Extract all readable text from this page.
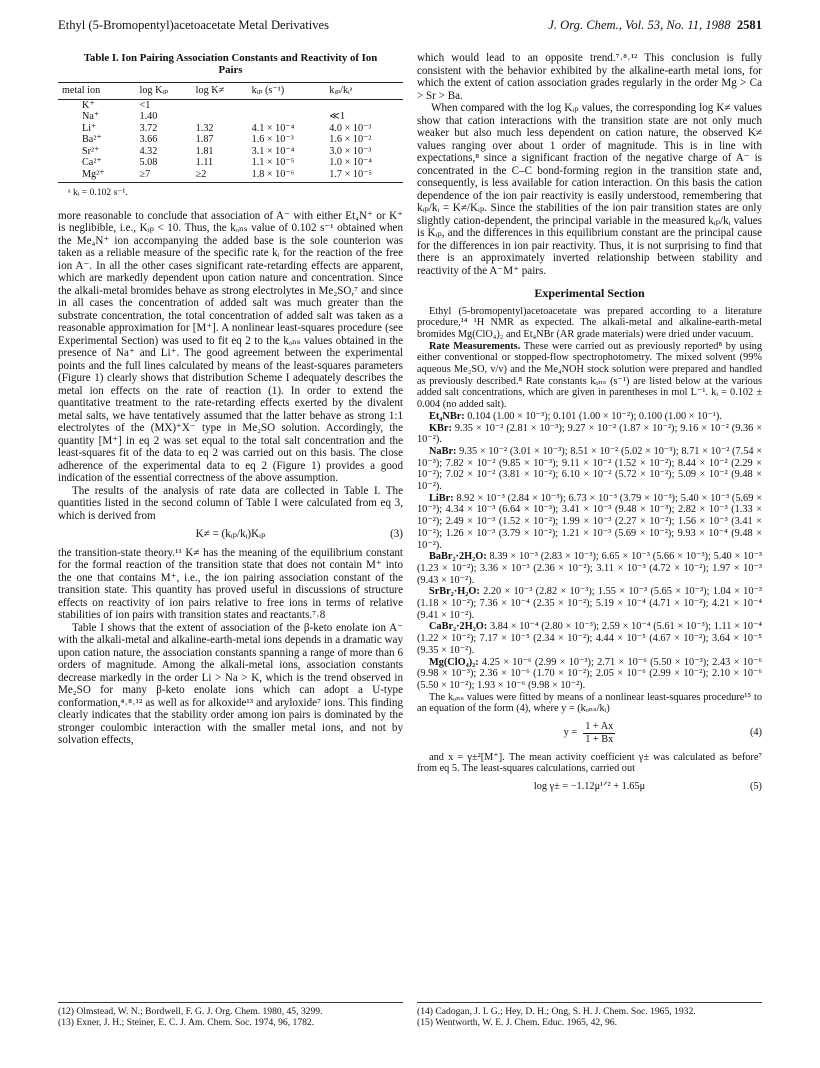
Ethyl (5-Bromopentyl)acetoacetate Metal Derivatives	J. Org. Chem., Vol. 53, No. 11, 1988 2581
Table I. Ion Pairing Association Constants and Reactivity of Ion Pairs
metal ion	log Kᵢₚ	log K≠	kᵢₚ (s⁻¹)	kᵢₚ/kᵢᵃ
K⁺	<1			
Na⁺	1.40			≪1
Li⁺	3.72	1.32	4.1 × 10⁻⁴	4.0 × 10⁻³
Ba²⁺	3.66	1.87	1.6 × 10⁻³	1.6 × 10⁻²
Sr²⁺	4.32	1.81	3.1 × 10⁻⁴	3.0 × 10⁻³
Ca²⁺	5.08	1.11	1.1 × 10⁻⁵	1.0 × 10⁻⁴
Mg²⁺	≥7	≥2	1.8 × 10⁻⁶	1.7 × 10⁻⁵
ᵃ kᵢ = 0.102 s⁻¹.

more reasonable to conclude that association of A⁻ with either Et₄N⁺ or K⁺ is neglibible, i.e., Kᵢₚ < 10. Thus, the kₒₙₛ value of 0.102 s⁻¹ obtained when the Me₄N⁺ ion accompanying the added base is the sole counterion was taken as a reliable measure of the specific rate kᵢ for the reaction of the free ion A⁻. In all the other cases significant rate-retarding effects are apparent, which are markedly dependent upon cation nature and concentration. Since the alkali-metal bromides behave as strong electrolytes in Me₂SO,⁷ and since in all cases the concentration of added salt was much greater than the substrate concentration, the total concentration of added salt was taken as a reasonable approximation for [M⁺]. A nonlinear least-squares procedure (see Experimental Section) was used to fit eq 2 to the kₒₙₛ values obtained in the presence of Na⁺ and Li⁺. The good agreement between the experimental points and the full lines calculated by means of the least-squares parameters (Figure 1) clearly shows that distribution Scheme I adequately describes the metal ion effects on the rate of reaction (1). In order to extend the quantitative treatment to the rate-retarding effects exerted by the divalent metal salts, we have tentatively assumed that the latter behave as strong 1:1 electrolytes of the (MX)⁺X⁻ type in Me₂SO solution. Accordingly, the quantity [M⁺] in eq 2 was set equal to the total salt concentration and the least-squares fit of the data to eq 2 was carried out on this basis. The close adherence of the experimental data to eq 2 (Figure 1) provides a good indication of the essential correctness of the above assumption.

The results of the analysis of rate data are collected in Table I. The quantities listed in the second column of Table I were calculated from eq 3, which is derived from

K≠ = (kᵢₚ/kᵢ)Kᵢₚ	(3)

the transition-state theory.¹¹ K≠ has the meaning of the equilibrium constant for the formal reaction of the transition state that does not contain M⁺ into the one that contains M⁺, i.e., the ion pairing association constant of the transition state. This quantity has proved useful in discussions of structure effects on reactivity of ion pairs relative to free ions in terms of relative stabilities of ion pairs with transition states and reactants.⁷˒8

Table I shows that the extent of association of the β-keto enolate ion A⁻ with the alkali-metal and alkaline-earth-metal ions depends in a dramatic way upon cation nature, the association constants spanning a range of more than 6 orders of magnitude. Among the alkali-metal ions, association constants decrease markedly in the order Li > Na > K, which is the trend observed in Me₂SO for many β-keto enolate ions which can adopt a U-type conformation,⁴˒⁸˒¹² as well as for alkoxide¹³ and aryloxide⁷ ions. This finding clearly indicates that the stability order among ion pairs is dominated by the stronger coulombic interaction with the smaller metal ions, and not by solvation effects,

which would lead to an opposite trend.⁷˒⁸˒¹² This conclusion is fully consistent with the behavior exhibited by the alkaline-earth metal ions, for which the extent of cation association grades regularly in the order Mg > Ca > Sr > Ba.

When compared with the log Kᵢₚ values, the corresponding log K≠ values show that cation interactions with the transition state are not only much weaker but also much less dependent on cation nature, the observed K≠ values ranging over about 1 order of magnitude. This is in line with expectations,⁸ since a significant fraction of the negative charge of A⁻ is concentrated in the C–C bond-forming region in the transition state and, consequently, is less available for cation interaction. On this basis the cation dependence of the ion pair reactivity is easily understood, remembering that kᵢₚ/kᵢ = K≠/Kᵢₚ. Since the stabilities of the ion pair transition states are only slightly cation-dependent, the principal variable in the measured kᵢₚ/kᵢ values is Kᵢₚ, and the differences in this equilibrium constant are the principal cause for the differences in ion pair reactivity. Thus, it is not surprising to find that there is an approximately inverted relationship between stability and reactivity of the A⁻M⁺ pairs.

Experimental Section

Ethyl (5-bromopentyl)acetoacetate was prepared according to a literature procedure,¹⁴ ¹H NMR as expected. The alkali-metal and alkaline-earth-metal bromides Mg(ClO₄)₂ and Et₄NBr (AR grade materials) were dried under vacuum.

Rate Measurements. These were carried out as previously reported⁸ by using either conventional or stopped-flow spectrophotometry. The mixed solvent (99% aqueous Me₂SO, v/v) and the Me₄NOH stock solution were prepared and handled as previously described.⁸ Rate constants kₒₙₛ (s⁻¹) are listed below at the various added salt concentrations, which are given in parentheses in mol L⁻¹. kᵢ = 0.102 ± 0.004 (no added salt).

Et₄NBr: 0.104 (1.00 × 10⁻³); 0.101 (1.00 × 10⁻²); 0.100 (1.00 × 10⁻¹).

KBr: 9.35 × 10⁻² (2.81 × 10⁻³); 9.27 × 10⁻² (1.87 × 10⁻²); 9.16 × 10⁻² (9.36 × 10⁻²).

NaBr: 9.35 × 10⁻² (3.01 × 10⁻³); 8.51 × 10⁻² (5.02 × 10⁻³); 8.71 × 10⁻² (7.54 × 10⁻³); 7.82 × 10⁻² (9.85 × 10⁻³); 9.11 × 10⁻² (1.52 × 10⁻²); 8.44 × 10⁻² (2.29 × 10⁻²); 7.02 × 10⁻² (3.81 × 10⁻²); 6.10 × 10⁻² (5.72 × 10⁻²); 5.09 × 10⁻² (9.48 × 10⁻²).

LiBr: 8.92 × 10⁻³ (2.84 × 10⁻³); 6.73 × 10⁻³ (3.79 × 10⁻³); 5.40 × 10⁻³ (5.69 × 10⁻³); 4.34 × 10⁻³ (6.64 × 10⁻³); 3.41 × 10⁻³ (9.48 × 10⁻³); 2.82 × 10⁻³ (1.33 × 10⁻²); 2.49 × 10⁻³ (1.52 × 10⁻²); 1.99 × 10⁻³ (2.27 × 10⁻²); 1.56 × 10⁻³ (3.41 × 10⁻²); 1.26 × 10⁻³ (3.79 × 10⁻²); 1.21 × 10⁻³ (5.69 × 10⁻²); 9.93 × 10⁻⁴ (9.48 × 10⁻²).

BaBr₂·2H₂O: 8.39 × 10⁻³ (2.83 × 10⁻³); 6.65 × 10⁻³ (5.66 × 10⁻³); 5.40 × 10⁻³ (1.23 × 10⁻²); 3.36 × 10⁻³ (2.36 × 10⁻²); 3.11 × 10⁻³ (4.72 × 10⁻²); 1.97 × 10⁻³ (9.43 × 10⁻²).

SrBr₂·H₂O: 2.20 × 10⁻³ (2.82 × 10⁻³); 1.55 × 10⁻³ (5.65 × 10⁻³); 1.04 × 10⁻³ (1.18 × 10⁻²); 7.36 × 10⁻⁴ (2.35 × 10⁻²); 5.19 × 10⁻⁴ (4.71 × 10⁻²); 4.21 × 10⁻⁴ (9.41 × 10⁻²).

CaBr₂·2H₂O: 3.84 × 10⁻⁴ (2.80 × 10⁻³); 2.59 × 10⁻⁴ (5.61 × 10⁻³); 1.11 × 10⁻⁴ (1.22 × 10⁻²); 7.17 × 10⁻⁵ (2.34 × 10⁻²); 4.44 × 10⁻⁵ (4.67 × 10⁻²); 3.64 × 10⁻⁵ (9.35 × 10⁻²).

Mg(ClO₄)₂: 4.25 × 10⁻⁶ (2.99 × 10⁻³); 2.71 × 10⁻⁶ (5.50 × 10⁻³); 2.43 × 10⁻⁶ (9.98 × 10⁻³); 2.36 × 10⁻⁶ (1.70 × 10⁻²); 2.05 × 10⁻⁶ (2.99 × 10⁻²); 2.10 × 10⁻⁶ (5.50 × 10⁻²); 1.93 × 10⁻⁶ (9.98 × 10⁻²).

The kₒₙₛ values were fitted by means of a nonlinear least-squares procedure¹⁵ to an equation of the form (4), where y = (kₒₙₛ/kᵢ)

$y = \frac{1 + Ax}{1 + Bx}$	(4)

and x = γ±²[M⁺]. The mean activity coefficient γ± was calculated as before⁷ from eq 5. The least-squares calculations, carried out

log γ± = −1.12μ¹ᐟ² + 1.65μ	(5)
(12) Olmstead, W. N.; Bordwell, F. G. J. Org. Chem. 1980, 45, 3299.
(13) Exner, J. H.; Steiner, E. C. J. Am. Chem. Soc. 1974, 96, 1782.
(14) Cadogan, J. I. G.; Hey, D. H.; Ong, S. H. J. Chem. Soc. 1965, 1932.
(15) Wentworth, W. E. J. Chem. Educ. 1965, 42, 96.
